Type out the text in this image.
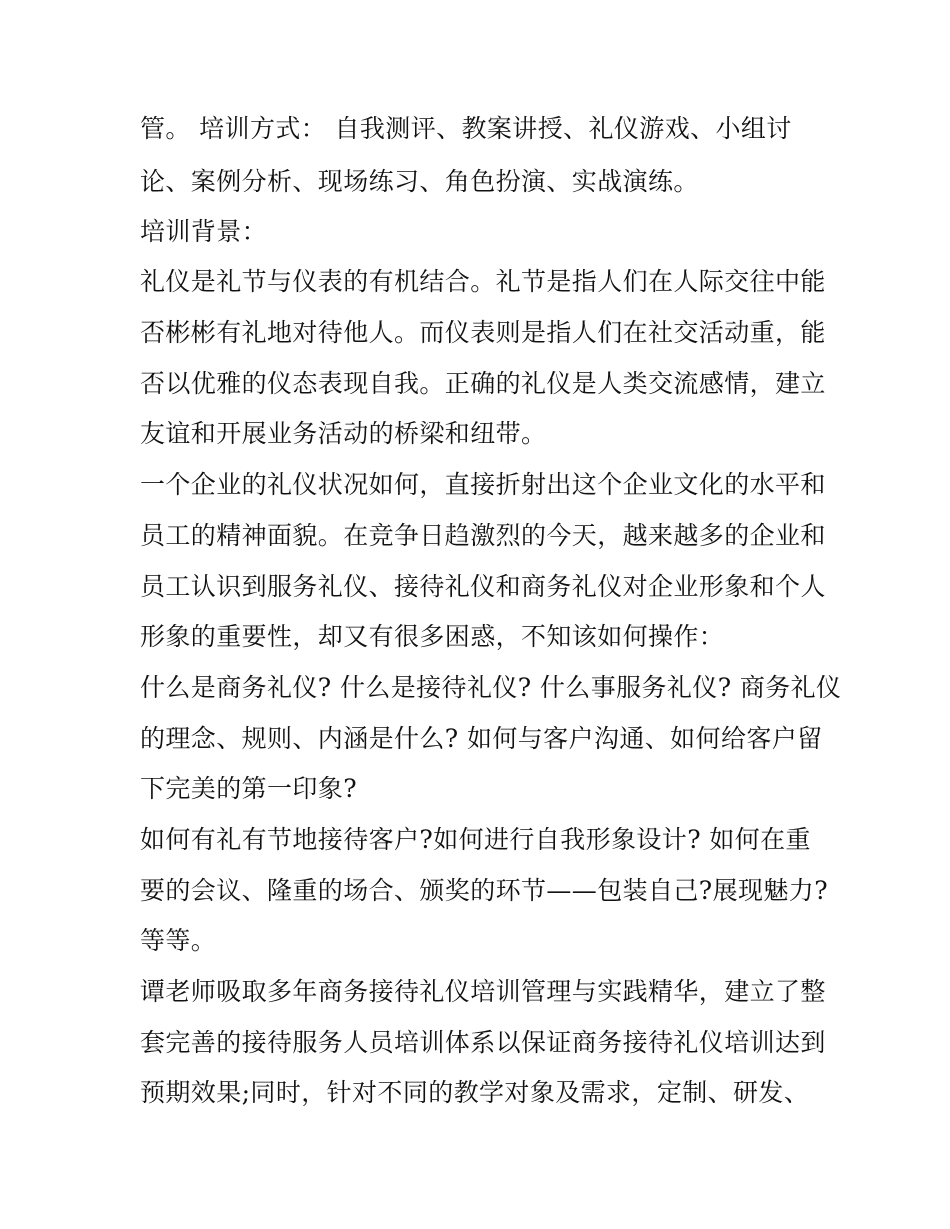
管。 培训方式： 自我测评、教案讲授、礼仪游戏、小组讨
论、案例分析、现场练习、角色扮演、实战演练。
培训背景：
礼仪是礼节与仪表的有机结合。礼节是指人们在人际交往中能
否彬彬有礼地对待他人。而仪表则是指人们在社交活动重，能
否以优雅的仪态表现自我。正确的礼仪是人类交流感情，建立
友谊和开展业务活动的桥梁和纽带。
一个企业的礼仪状况如何，直接折射出这个企业文化的水平和
员工的精神面貌。在竞争日趋激烈的今天，越来越多的企业和
员工认识到服务礼仪、接待礼仪和商务礼仪对企业形象和个人
形象的重要性，却又有很多困惑，不知该如何操作：
什么是商务礼仪? 什么是接待礼仪? 什么事服务礼仪? 商务礼仪
的理念、规则、内涵是什么? 如何与客户沟通、如何给客户留
下完美的第一印象?
如何有礼有节地接待客户?如何进行自我形象设计? 如何在重
要的会议、隆重的场合、颁奖的环节——包装自己?展现魅力?
等等。
谭老师吸取多年商务接待礼仪培训管理与实践精华，建立了整
套完善的接待服务人员培训体系以保证商务接待礼仪培训达到
预期效果;同时，针对不同的教学对象及需求，定制、研发、
